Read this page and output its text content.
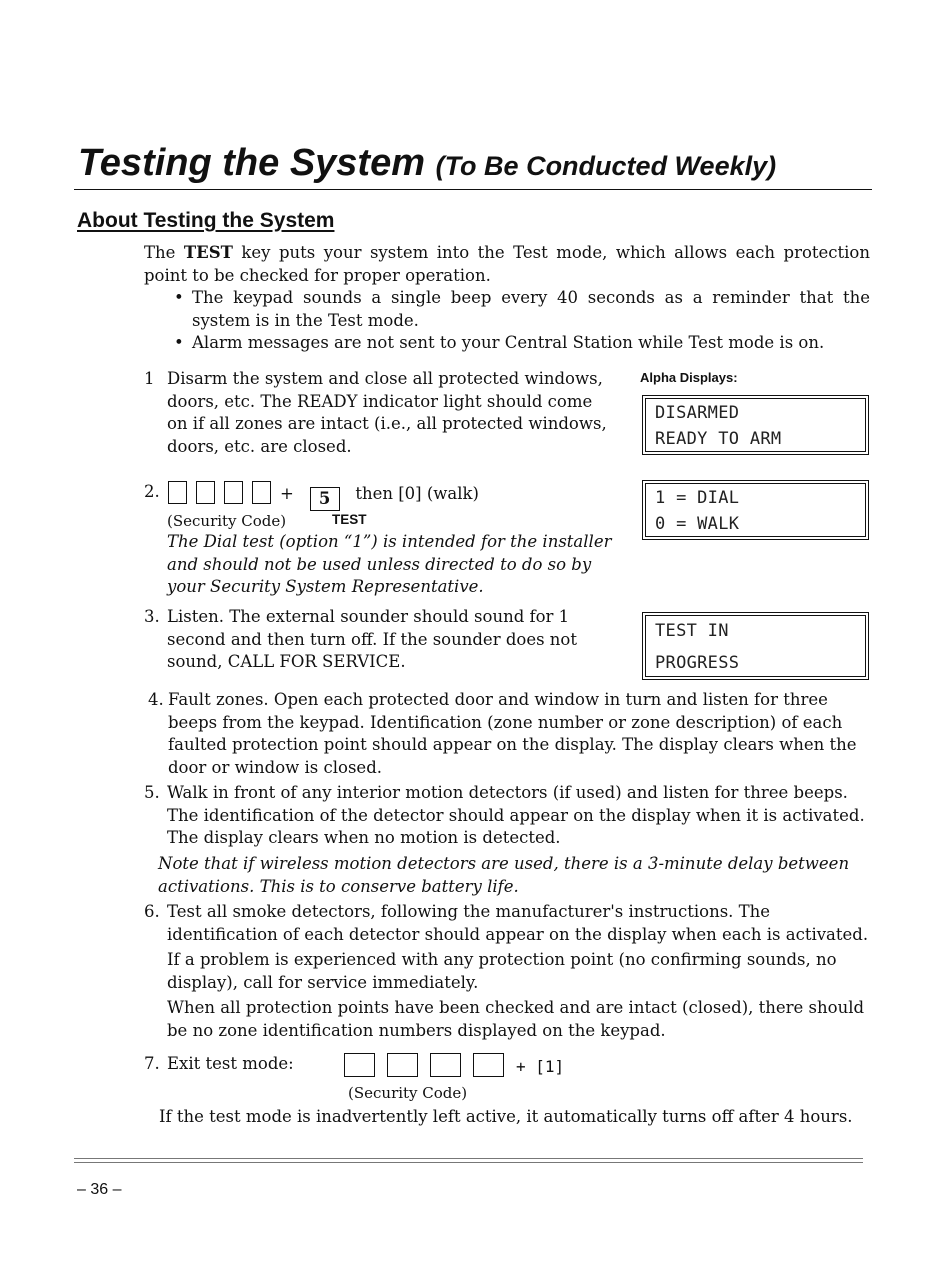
Testing the System (To Be Conducted Weekly)
About Testing the System
The TEST key puts your system into the Test mode, which allows each protection point to be checked for proper operation.
• The keypad sounds a single beep every 40 seconds as a reminder that the system is in the Test mode.
• Alarm messages are not sent to your Central Station while Test mode is on.
Alpha Displays:
DISARMED
READY TO ARM
1 = DIAL
0 = WALK
TEST IN
PROGRESS
1 Disarm the system and close all protected windows, doors, etc. The READY indicator light should come on if all zones are intact (i.e., all protected windows, doors, etc. are closed.
2.	+ 5 then [0] (walk)
(Security Code)	TEST
The Dial test (option “1”) is intended for the installer and should not be used unless directed to do so by your Security System Representative.
3. Listen. The external sounder should sound for 1 second and then turn off. If the sounder does not sound, CALL FOR SERVICE.
4. Fault zones. Open each protected door and window in turn and listen for three beeps from the keypad. Identification (zone number or zone description) of each faulted protection point should appear on the display. The display clears when the door or window is closed.
5. Walk in front of any interior motion detectors (if used) and listen for three beeps. The identification of the detector should appear on the display when it is activated. The display clears when no motion is detected.
Note that if wireless motion detectors are used, there is a 3-minute delay between activations. This is to conserve battery life.
6. Test all smoke detectors, following the manufacturer's instructions. The identification of each detector should appear on the display when each is activated.
If a problem is experienced with any protection point (no confirming sounds, no display), call for service immediately.
When all protection points have been checked and are intact (closed), there should be no zone identification numbers displayed on the keypad.
7. Exit test mode:	+ [1]
(Security Code)
If the test mode is inadvertently left active, it automatically turns off after 4 hours.
– 36 –
